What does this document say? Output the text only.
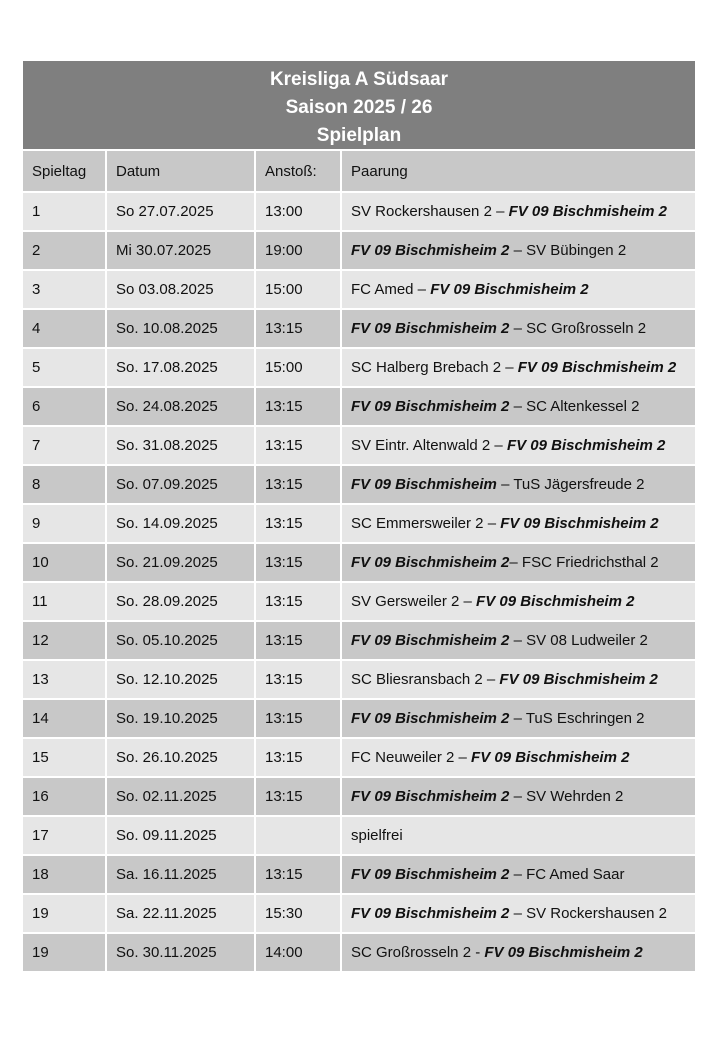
Kreisliga A Südsaar
Saison 2025 / 26
Spielplan
Spieltag	Datum	Anstoß:	Paarung
1	So 27.07.2025	13:00	SV Rockershausen 2 – FV 09 Bischmisheim 2
2	Mi 30.07.2025	19:00	FV 09 Bischmisheim 2 – SV Bübingen 2
3	So 03.08.2025	15:00	FC Amed – FV 09 Bischmisheim 2
4	So. 10.08.2025	13:15	FV 09 Bischmisheim 2 – SC Großrosseln 2
5	So. 17.08.2025	15:00	SC Halberg Brebach 2 – FV 09 Bischmisheim 2
6	So. 24.08.2025	13:15	FV 09 Bischmisheim 2 – SC Altenkessel 2
7	So. 31.08.2025	13:15	SV Eintr. Altenwald 2 – FV 09 Bischmisheim 2
8	So. 07.09.2025	13:15	FV 09 Bischmisheim – TuS Jägersfreude 2
9	So. 14.09.2025	13:15	SC Emmersweiler 2 – FV 09 Bischmisheim 2
10	So. 21.09.2025	13:15	FV 09 Bischmisheim 2– FSC Friedrichsthal 2
11	So. 28.09.2025	13:15	SV Gersweiler 2 – FV 09 Bischmisheim 2
12	So. 05.10.2025	13:15	FV 09 Bischmisheim 2 – SV 08 Ludweiler 2
13	So. 12.10.2025	13:15	SC Bliesransbach 2 – FV 09 Bischmisheim 2
14	So. 19.10.2025	13:15	FV 09 Bischmisheim 2 – TuS Eschringen 2
15	So. 26.10.2025	13:15	FC Neuweiler 2 – FV 09 Bischmisheim 2
16	So. 02.11.2025	13:15	FV 09 Bischmisheim 2 – SV Wehrden 2
17	So. 09.11.2025		spielfrei
18	Sa. 16.11.2025	13:15	FV 09 Bischmisheim 2 – FC Amed Saar
19	Sa. 22.11.2025	15:30	FV 09 Bischmisheim 2 – SV Rockershausen 2
19	So. 30.11.2025	14:00	SC Großrosseln 2 - FV 09 Bischmisheim 2
